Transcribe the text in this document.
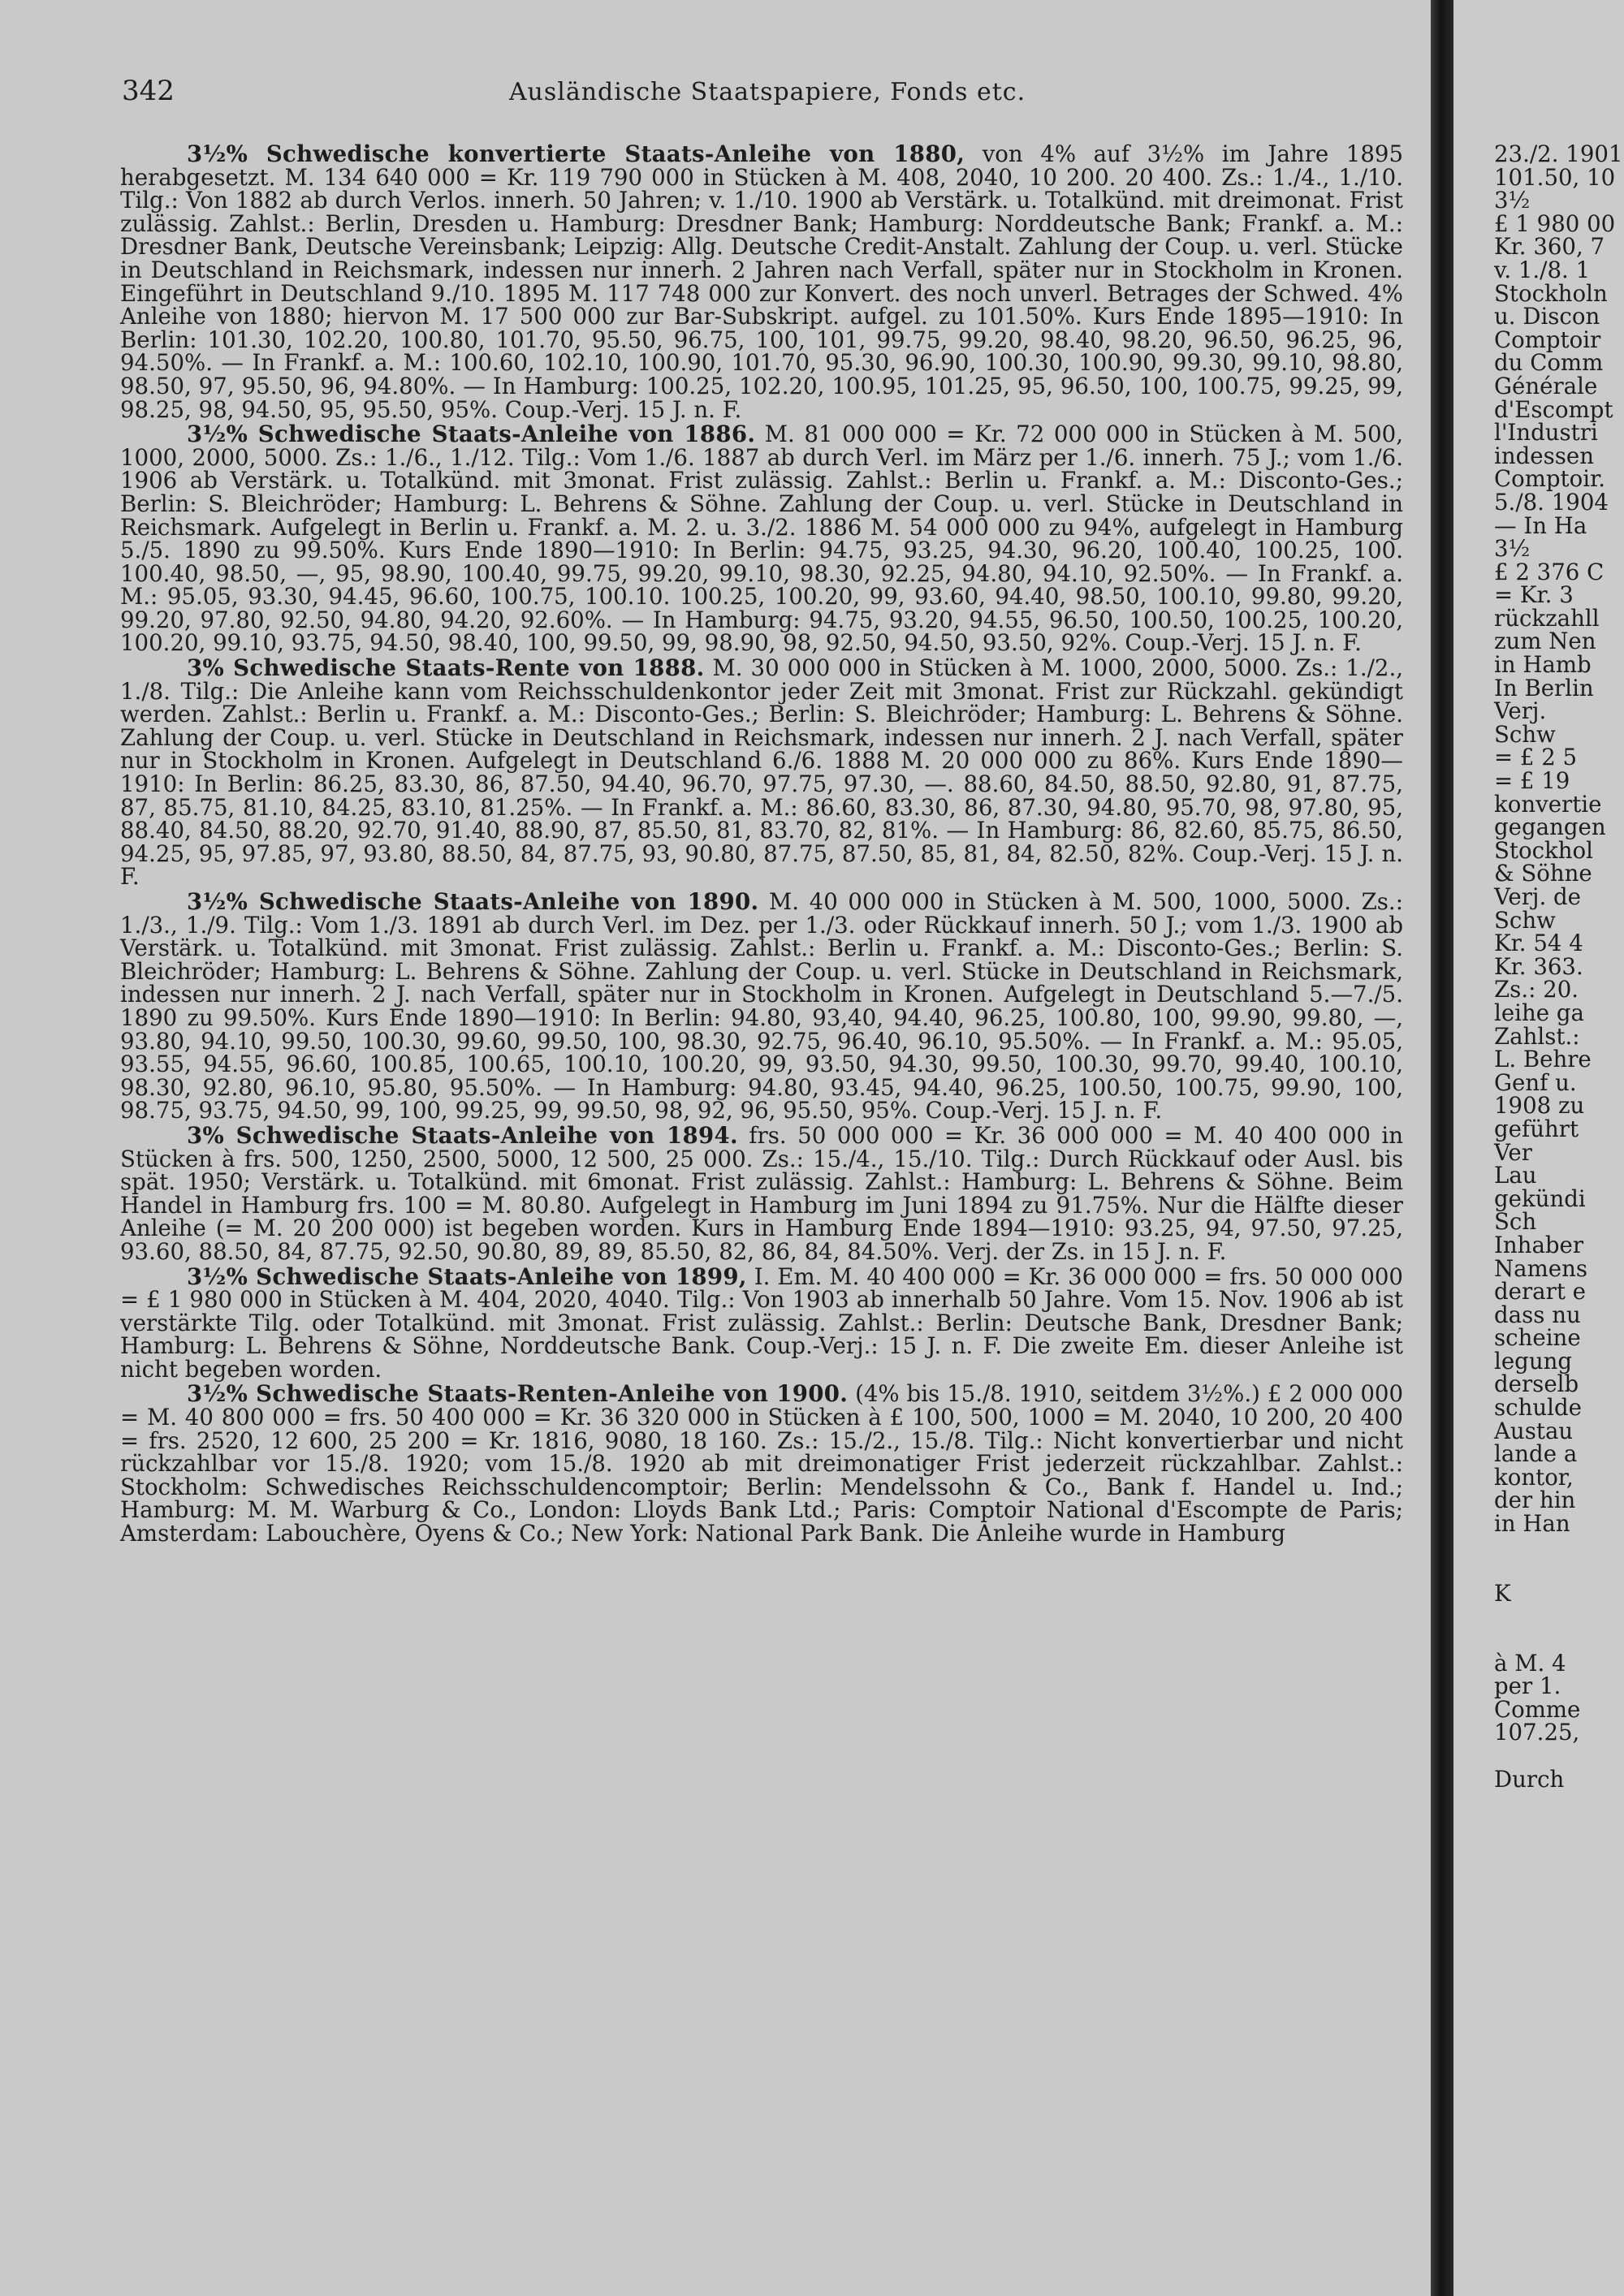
342	Ausländische Staatspapiere, Fonds etc.

3½% Schwedische konvertierte Staats-Anleihe von 1880, von 4% auf 3½% im Jahre 1895 herabgesetzt. M. 134 640 000 = Kr. 119 790 000 in Stücken à M. 408, 2040, 10 200. 20 400. Zs.: 1./4., 1./10. Tilg.: Von 1882 ab durch Verlos. innerh. 50 Jahren; v. 1./10. 1900 ab Verstärk. u. Totalkünd. mit dreimonat. Frist zulässig. Zahlst.: Berlin, Dresden u. Hamburg: Dresdner Bank; Hamburg: Norddeutsche Bank; Frankf. a. M.: Dresdner Bank, Deutsche Vereinsbank; Leipzig: Allg. Deutsche Credit-Anstalt. Zahlung der Coup. u. verl. Stücke in Deutschland in Reichsmark, indessen nur innerh. 2 Jahren nach Verfall, später nur in Stockholm in Kronen. Eingeführt in Deutschland 9./10. 1895 M. 117 748 000 zur Konvert. des noch unverl. Betrages der Schwed. 4% Anleihe von 1880; hiervon M. 17 500 000 zur Bar-Subskript. aufgel. zu 101.50%. Kurs Ende 1895—1910: In Berlin: 101.30, 102.20, 100.80, 101.70, 95.50, 96.75, 100, 101, 99.75, 99.20, 98.40, 98.20, 96.50, 96.25, 96, 94.50%. — In Frankf. a. M.: 100.60, 102.10, 100.90, 101.70, 95.30, 96.90, 100.30, 100.90, 99.30, 99.10, 98.80, 98.50, 97, 95.50, 96, 94.80%. — In Hamburg: 100.25, 102.20, 100.95, 101.25, 95, 96.50, 100, 100.75, 99.25, 99, 98.25, 98, 94.50, 95, 95.50, 95%. Coup.-Verj. 15 J. n. F.

3½% Schwedische Staats-Anleihe von 1886. M. 81 000 000 = Kr. 72 000 000 in Stücken à M. 500, 1000, 2000, 5000. Zs.: 1./6., 1./12. Tilg.: Vom 1./6. 1887 ab durch Verl. im März per 1./6. innerh. 75 J.; vom 1./6. 1906 ab Verstärk. u. Totalkünd. mit 3monat. Frist zulässig. Zahlst.: Berlin u. Frankf. a. M.: Disconto-Ges.; Berlin: S. Bleichröder; Hamburg: L. Behrens & Söhne. Zahlung der Coup. u. verl. Stücke in Deutschland in Reichsmark. Aufgelegt in Berlin u. Frankf. a. M. 2. u. 3./2. 1886 M. 54 000 000 zu 94%, aufgelegt in Hamburg 5./5. 1890 zu 99.50%. Kurs Ende 1890—1910: In Berlin: 94.75, 93.25, 94.30, 96.20, 100.40, 100.25, 100. 100.40, 98.50, —, 95, 98.90, 100.40, 99.75, 99.20, 99.10, 98.30, 92.25, 94.80, 94.10, 92.50%. — In Frankf. a. M.: 95.05, 93.30, 94.45, 96.60, 100.75, 100.10. 100.25, 100.20, 99, 93.60, 94.40, 98.50, 100.10, 99.80, 99.20, 99.20, 97.80, 92.50, 94.80, 94.20, 92.60%. — In Hamburg: 94.75, 93.20, 94.55, 96.50, 100.50, 100.25, 100.20, 100.20, 99.10, 93.75, 94.50, 98.40, 100, 99.50, 99, 98.90, 98, 92.50, 94.50, 93.50, 92%. Coup.-Verj. 15 J. n. F.

3% Schwedische Staats-Rente von 1888. M. 30 000 000 in Stücken à M. 1000, 2000, 5000. Zs.: 1./2., 1./8. Tilg.: Die Anleihe kann vom Reichsschuldenkontor jeder Zeit mit 3monat. Frist zur Rückzahl. gekündigt werden. Zahlst.: Berlin u. Frankf. a. M.: Disconto-Ges.; Berlin: S. Bleichröder; Hamburg: L. Behrens & Söhne. Zahlung der Coup. u. verl. Stücke in Deutschland in Reichsmark, indessen nur innerh. 2 J. nach Verfall, später nur in Stockholm in Kronen. Aufgelegt in Deutschland 6./6. 1888 M. 20 000 000 zu 86%. Kurs Ende 1890—1910: In Berlin: 86.25, 83.30, 86, 87.50, 94.40, 96.70, 97.75, 97.30, —. 88.60, 84.50, 88.50, 92.80, 91, 87.75, 87, 85.75, 81.10, 84.25, 83.10, 81.25%. — In Frankf. a. M.: 86.60, 83.30, 86, 87.30, 94.80, 95.70, 98, 97.80, 95, 88.40, 84.50, 88.20, 92.70, 91.40, 88.90, 87, 85.50, 81, 83.70, 82, 81%. — In Hamburg: 86, 82.60, 85.75, 86.50, 94.25, 95, 97.85, 97, 93.80, 88.50, 84, 87.75, 93, 90.80, 87.75, 87.50, 85, 81, 84, 82.50, 82%. Coup.-Verj. 15 J. n. F.

3½% Schwedische Staats-Anleihe von 1890. M. 40 000 000 in Stücken à M. 500, 1000, 5000. Zs.: 1./3., 1./9. Tilg.: Vom 1./3. 1891 ab durch Verl. im Dez. per 1./3. oder Rückkauf innerh. 50 J.; vom 1./3. 1900 ab Verstärk. u. Totalkünd. mit 3monat. Frist zulässig. Zahlst.: Berlin u. Frankf. a. M.: Disconto-Ges.; Berlin: S. Bleichröder; Hamburg: L. Behrens & Söhne. Zahlung der Coup. u. verl. Stücke in Deutschland in Reichsmark, indessen nur innerh. 2 J. nach Verfall, später nur in Stockholm in Kronen. Aufgelegt in Deutschland 5.—7./5. 1890 zu 99.50%. Kurs Ende 1890—1910: In Berlin: 94.80, 93,40, 94.40, 96.25, 100.80, 100, 99.90, 99.80, —, 93.80, 94.10, 99.50, 100.30, 99.60, 99.50, 100, 98.30, 92.75, 96.40, 96.10, 95.50%. — In Frankf. a. M.: 95.05, 93.55, 94.55, 96.60, 100.85, 100.65, 100.10, 100.20, 99, 93.50, 94.30, 99.50, 100.30, 99.70, 99.40, 100.10, 98.30, 92.80, 96.10, 95.80, 95.50%. — In Hamburg: 94.80, 93.45, 94.40, 96.25, 100.50, 100.75, 99.90, 100, 98.75, 93.75, 94.50, 99, 100, 99.25, 99, 99.50, 98, 92, 96, 95.50, 95%. Coup.-Verj. 15 J. n. F.

3% Schwedische Staats-Anleihe von 1894. frs. 50 000 000 = Kr. 36 000 000 = M. 40 400 000 in Stücken à frs. 500, 1250, 2500, 5000, 12 500, 25 000. Zs.: 15./4., 15./10. Tilg.: Durch Rückkauf oder Ausl. bis spät. 1950; Verstärk. u. Totalkünd. mit 6monat. Frist zulässig. Zahlst.: Hamburg: L. Behrens & Söhne. Beim Handel in Hamburg frs. 100 = M. 80.80. Aufgelegt in Hamburg im Juni 1894 zu 91.75%. Nur die Hälfte dieser Anleihe (= M. 20 200 000) ist begeben worden. Kurs in Hamburg Ende 1894—1910: 93.25, 94, 97.50, 97.25, 93.60, 88.50, 84, 87.75, 92.50, 90.80, 89, 89, 85.50, 82, 86, 84, 84.50%. Verj. der Zs. in 15 J. n. F.

3½% Schwedische Staats-Anleihe von 1899, I. Em. M. 40 400 000 = Kr. 36 000 000 = frs. 50 000 000 = £ 1 980 000 in Stücken à M. 404, 2020, 4040. Tilg.: Von 1903 ab innerhalb 50 Jahre. Vom 15. Nov. 1906 ab ist verstärkte Tilg. oder Totalkünd. mit 3monat. Frist zulässig. Zahlst.: Berlin: Deutsche Bank, Dresdner Bank; Hamburg: L. Behrens & Söhne, Norddeutsche Bank. Coup.-Verj.: 15 J. n. F. Die zweite Em. dieser Anleihe ist nicht begeben worden.

3½% Schwedische Staats-Renten-Anleihe von 1900. (4% bis 15./8. 1910, seitdem 3½%.) £ 2 000 000 = M. 40 800 000 = frs. 50 400 000 = Kr. 36 320 000 in Stücken à £ 100, 500, 1000 = M. 2040, 10 200, 20 400 = frs. 2520, 12 600, 25 200 = Kr. 1816, 9080, 18 160. Zs.: 15./2., 15./8. Tilg.: Nicht konvertierbar und nicht rückzahlbar vor 15./8. 1920; vom 15./8. 1920 ab mit dreimonatiger Frist jederzeit rückzahlbar. Zahlst.: Stockholm: Schwedisches Reichsschuldencomptoir; Berlin: Mendelssohn & Co., Bank f. Handel u. Ind.; Hamburg: M. M. Warburg & Co., London: Lloyds Bank Ltd.; Paris: Comptoir National d'Escompte de Paris; Amsterdam: Labouchère, Oyens & Co.; New York: National Park Bank. Die Anleihe wurde in Hamburg

23./2. 1901
101.50, 10
3½
£ 1 980 00
Kr. 360, 7
v. 1./8. 1
Stockholn
u. Discon
Comptoir
du Comm
Générale
d'Escompt
l'Industri
indessen
Comptoir.
5./8. 1904
— In Ha
3½
£ 2 376 C
= Kr. 3
rückzahll
zum Nen
in Hamb
In Berlin
Verj.
Schw
= £ 2 5
= £ 19
konvertie
gegangen
Stockhol
& Söhne
Verj. de
Schw
Kr. 54 4
Kr. 363.
Zs.: 20.
leihe ga
Zahlst.:
L. Behre
Genf u.
1908 zu
geführt
Ver
Lau
gekündi
Sch
Inhaber
Namens
derart e
dass nu
scheine
legung
derselb
schulde
Austau
lande a
kontor,
der hin
in Han
K
à M. 4
per 1.
Comme
107.25,
Durch
